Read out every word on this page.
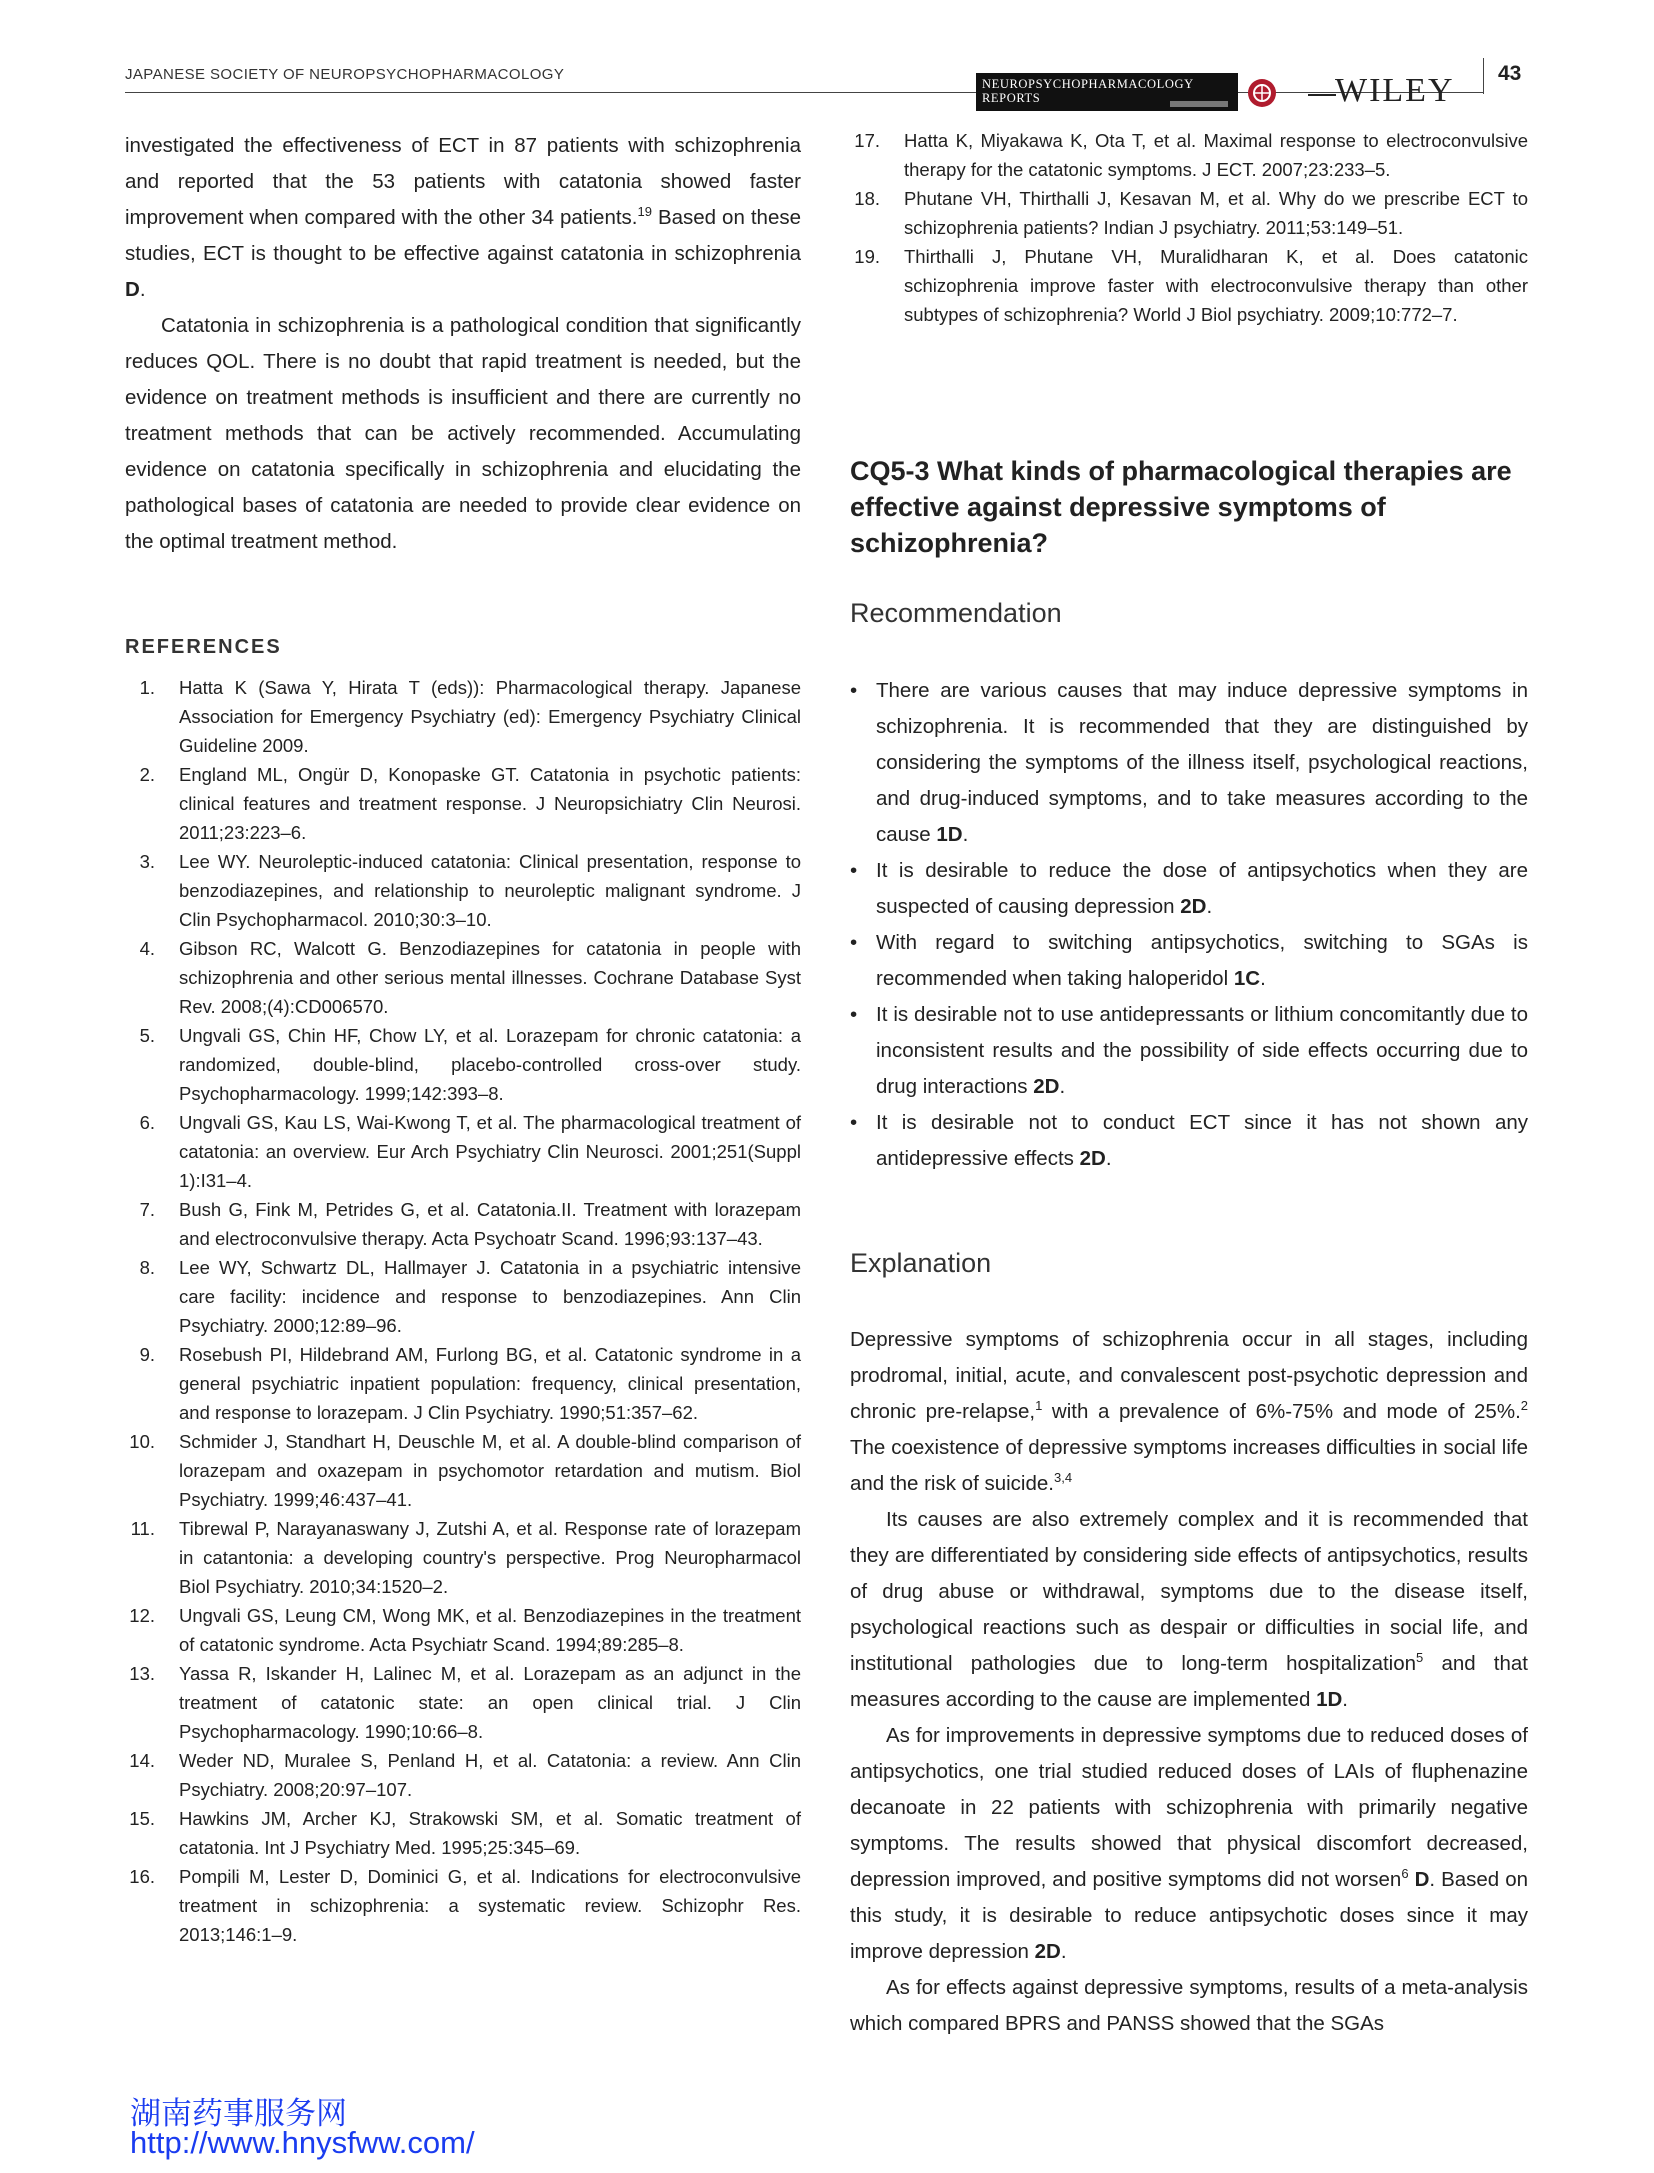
JAPANESE SOCIETY OF NEUROPSYCHOPHARMACOLOGY	43
NEUROPSYCHOPHARMACOLOGY
REPORTS	WILEY

investigated the effectiveness of ECT in 87 patients with schizophrenia and reported that the 53 patients with catatonia showed faster improvement when compared with the other 34 patients.$^{19}$ Based on these studies, ECT is thought to be effective against catatonia in schizophrenia D.

Catatonia in schizophrenia is a pathological condition that significantly reduces QOL. There is no doubt that rapid treatment is needed, but the evidence on treatment methods is insufficient and there are currently no treatment methods that can be actively recommended. Accumulating evidence on catatonia specifically in schizophrenia and elucidating the pathological bases of catatonia are needed to provide clear evidence on the optimal treatment method.

REFERENCES
1. Hatta K (Sawa Y, Hirata T (eds)): Pharmacological therapy. Japanese Association for Emergency Psychiatry (ed): Emergency Psychiatry Clinical Guideline 2009.
2. England ML, Ongür D, Konopaske GT. Catatonia in psychotic patients: clinical features and treatment response. J Neuropsichiatry Clin Neurosi. 2011;23:223–6.
3. Lee WY. Neuroleptic-induced catatonia: Clinical presentation, response to benzodiazepines, and relationship to neuroleptic malignant syndrome. J Clin Psychopharmacol. 2010;30:3–10.
4. Gibson RC, Walcott G. Benzodiazepines for catatonia in people with schizophrenia and other serious mental illnesses. Cochrane Database Syst Rev. 2008;(4):CD006570.
5. Ungvali GS, Chin HF, Chow LY, et al. Lorazepam for chronic catatonia: a randomized, double-blind, placebo-controlled cross-over study. Psychopharmacology. 1999;142:393–8.
6. Ungvali GS, Kau LS, Wai-Kwong T, et al. The pharmacological treatment of catatonia: an overview. Eur Arch Psychiatry Clin Neurosci. 2001;251(Suppl 1):I31–4.
7. Bush G, Fink M, Petrides G, et al. Catatonia.II. Treatment with lorazepam and electroconvulsive therapy. Acta Psychoatr Scand. 1996;93:137–43.
8. Lee WY, Schwartz DL, Hallmayer J. Catatonia in a psychiatric intensive care facility: incidence and response to benzodiazepines. Ann Clin Psychiatry. 2000;12:89–96.
9. Rosebush PI, Hildebrand AM, Furlong BG, et al. Catatonic syndrome in a general psychiatric inpatient population: frequency, clinical presentation, and response to lorazepam. J Clin Psychiatry. 1990;51:357–62.
10. Schmider J, Standhart H, Deuschle M, et al. A double-blind comparison of lorazepam and oxazepam in psychomotor retardation and mutism. Biol Psychiatry. 1999;46:437–41.
11. Tibrewal P, Narayanaswany J, Zutshi A, et al. Response rate of lorazepam in catantonia: a developing country's perspective. Prog Neuropharmacol Biol Psychiatry. 2010;34:1520–2.
12. Ungvali GS, Leung CM, Wong MK, et al. Benzodiazepines in the treatment of catatonic syndrome. Acta Psychiatr Scand. 1994;89:285–8.
13. Yassa R, Iskander H, Lalinec M, et al. Lorazepam as an adjunct in the treatment of catatonic state: an open clinical trial. J Clin Psychopharmacology. 1990;10:66–8.
14. Weder ND, Muralee S, Penland H, et al. Catatonia: a review. Ann Clin Psychiatry. 2008;20:97–107.
15. Hawkins JM, Archer KJ, Strakowski SM, et al. Somatic treatment of catatonia. Int J Psychiatry Med. 1995;25:345–69.
16. Pompili M, Lester D, Dominici G, et al. Indications for electroconvulsive treatment in schizophrenia: a systematic review. Schizophr Res. 2013;146:1–9.
17. Hatta K, Miyakawa K, Ota T, et al. Maximal response to electroconvulsive therapy for the catatonic symptoms. J ECT. 2007;23:233–5.
18. Phutane VH, Thirthalli J, Kesavan M, et al. Why do we prescribe ECT to schizophrenia patients? Indian J psychiatry. 2011;53:149–51.
19. Thirthalli J, Phutane VH, Muralidharan K, et al. Does catatonic schizophrenia improve faster with electroconvulsive therapy than other subtypes of schizophrenia? World J Biol psychiatry. 2009;10:772–7.
CQ5-3 What kinds of pharmacological therapies are effective against depressive symptoms of schizophrenia?
Recommendation
• There are various causes that may induce depressive symptoms in schizophrenia. It is recommended that they are distinguished by considering the symptoms of the illness itself, psychological reactions, and drug-induced symptoms, and to take measures according to the cause 1D.
• It is desirable to reduce the dose of antipsychotics when they are suspected of causing depression 2D.
• With regard to switching antipsychotics, switching to SGAs is recommended when taking haloperidol 1C.
• It is desirable not to use antidepressants or lithium concomitantly due to inconsistent results and the possibility of side effects occurring due to drug interactions 2D.
• It is desirable not to conduct ECT since it has not shown any antidepressive effects 2D.
Explanation

Depressive symptoms of schizophrenia occur in all stages, including prodromal, initial, acute, and convalescent post-psychotic depression and chronic pre-relapse,$^1$ with a prevalence of 6%-75% and mode of 25%.$^2$ The coexistence of depressive symptoms increases difficulties in social life and the risk of suicide.$^{3,4}$

Its causes are also extremely complex and it is recommended that they are differentiated by considering side effects of antipsychotics, results of drug abuse or withdrawal, symptoms due to the disease itself, psychological reactions such as despair or difficulties in social life, and institutional pathologies due to long-term hospitalization$^5$ and that measures according to the cause are implemented 1D.

As for improvements in depressive symptoms due to reduced doses of antipsychotics, one trial studied reduced doses of LAIs of fluphenazine decanoate in 22 patients with schizophrenia with primarily negative symptoms. The results showed that physical discomfort decreased, depression improved, and positive symptoms did not worsen$^6$ D. Based on this study, it is desirable to reduce antipsychotic doses since it may improve depression 2D.

As for effects against depressive symptoms, results of a meta-analysis which compared BPRS and PANSS showed that the SGAs

湖南药事服务网
http://www.hnysfww.com/
